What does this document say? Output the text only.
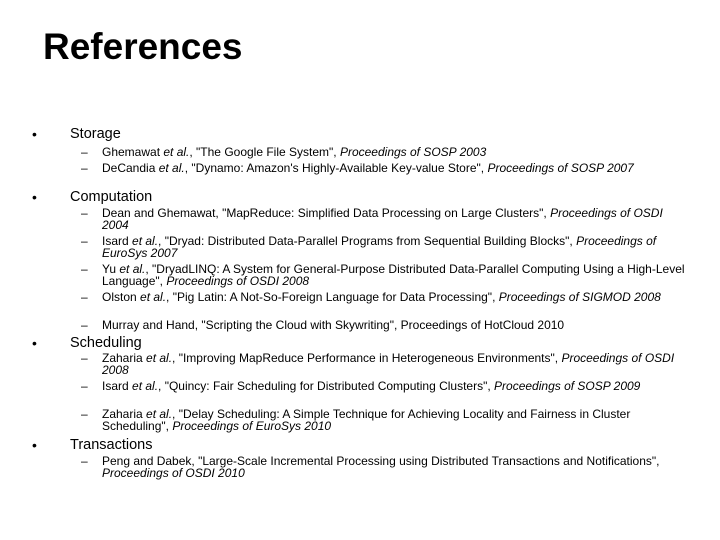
References
• Storage
– Ghemawat et al., "The Google File System", Proceedings of SOSP 2003
– DeCandia et al., "Dynamo: Amazon's Highly-Available Key-value Store", Proceedings of SOSP 2007
• Computation
– Dean and Ghemawat, "MapReduce: Simplified Data Processing on Large Clusters", Proceedings of OSDI 2004
– Isard et al., "Dryad: Distributed Data-Parallel Programs from Sequential Building Blocks", Proceedings of EuroSys 2007
– Yu et al., "DryadLINQ: A System for General-Purpose Distributed Data-Parallel Computing Using a High-Level Language", Proceedings of OSDI 2008
– Olston et al., "Pig Latin: A Not-So-Foreign Language for Data Processing", Proceedings of SIGMOD 2008
– Murray and Hand, "Scripting the Cloud with Skywriting", Proceedings of HotCloud 2010
• Scheduling
– Zaharia et al., "Improving MapReduce Performance in Heterogeneous Environments", Proceedings of OSDI 2008
– Isard et al., "Quincy: Fair Scheduling for Distributed Computing Clusters", Proceedings of SOSP 2009
– Zaharia et al., "Delay Scheduling: A Simple Technique for Achieving Locality and Fairness in Cluster Scheduling", Proceedings of EuroSys 2010
• Transactions
– Peng and Dabek, "Large-Scale Incremental Processing using Distributed Transactions and Notifications", Proceedings of OSDI 2010
